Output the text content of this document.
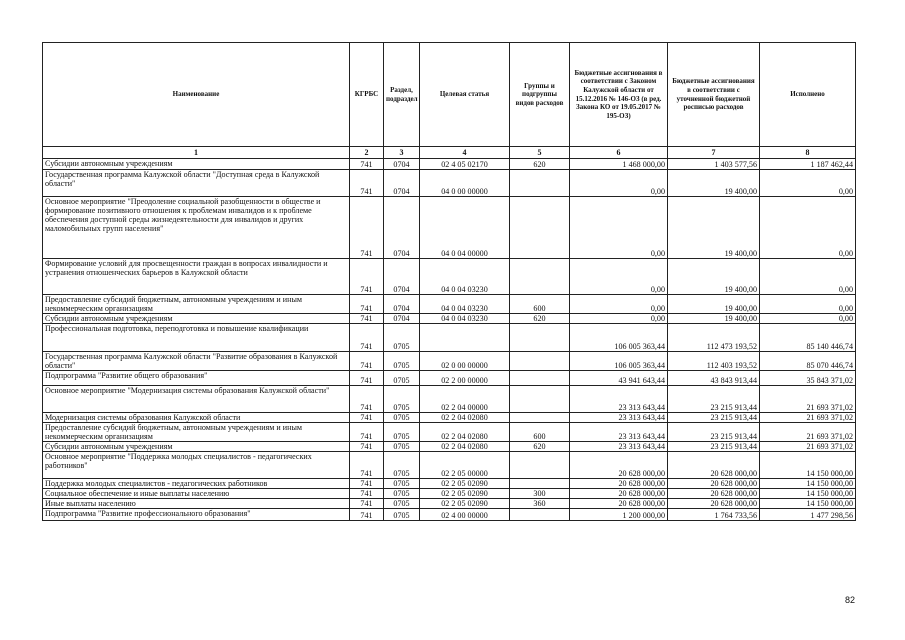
Наименование	КГРБС	Раздел, подраздел	Целевая статья	Группы и подгруппы видов расходов	Бюджетные ассигнования в соответствии с Законом Калужской области от 15.12.2016 № 146-ОЗ (в ред. Закона КО от 19.05.2017 № 195-ОЗ)	Бюджетные ассигнования в соответствии с уточненной бюджетной росписью расходов	Исполнено
1	2	3	4	5	6	7	8
Субсидии автономным учреждениям	741	0704	02 4 05 02170	620	1 468 000,00	1 403 577,56	1 187 462,44
Государственная программа Калужской области "Доступная среда в Калужской области"	741	0704	04 0 00 00000		0,00	19 400,00	0,00
Основное мероприятие "Преодоление социальной разобщенности в обществе и формирование позитивного отношения к проблемам инвалидов и к проблеме обеспечения доступной среды жизнедеятельности для инвалидов и других маломобильных групп населения"	741	0704	04 0 04 00000		0,00	19 400,00	0,00
Формирование условий для просвещенности граждан в вопросах инвалидности и устранения отношенческих барьеров в Калужской области	741	0704	04 0 04 03230		0,00	19 400,00	0,00
Предоставление субсидий бюджетным, автономным учреждениям и иным некоммерческим организациям	741	0704	04 0 04 03230	600	0,00	19 400,00	0,00
Субсидии автономным учреждениям	741	0704	04 0 04 03230	620	0,00	19 400,00	0,00
Профессиональная подготовка, переподготовка и повышение квалификации	741	0705			106 005 363,44	112 473 193,52	85 140 446,74
Государственная программа Калужской области "Развитие образования в Калужской области"	741	0705	02 0 00 00000		106 005 363,44	112 403 193,52	85 070 446,74
Подпрограмма "Развитие общего образования"	741	0705	02 2 00 00000		43 941 643,44	43 843 913,44	35 843 371,02
Основное мероприятие "Модернизация системы образования Калужской области"	741	0705	02 2 04 00000		23 313 643,44	23 215 913,44	21 693 371,02
Модернизация системы образования Калужской области	741	0705	02 2 04 02080		23 313 643,44	23 215 913,44	21 693 371,02
Предоставление субсидий бюджетным, автономным учреждениям и иным некоммерческим организациям	741	0705	02 2 04 02080	600	23 313 643,44	23 215 913,44	21 693 371,02
Субсидии автономным учреждениям	741	0705	02 2 04 02080	620	23 313 643,44	23 215 913,44	21 693 371,02
Основное мероприятие "Поддержка молодых специалистов - педагогических работников"	741	0705	02 2 05 00000		20 628 000,00	20 628 000,00	14 150 000,00
Поддержка молодых специалистов - педагогических работников	741	0705	02 2 05 02090		20 628 000,00	20 628 000,00	14 150 000,00
Социальное обеспечение и иные выплаты населению	741	0705	02 2 05 02090	300	20 628 000,00	20 628 000,00	14 150 000,00
Иные выплаты населению	741	0705	02 2 05 02090	360	20 628 000,00	20 628 000,00	14 150 000,00
Подпрограмма "Развитие профессионального образования"	741	0705	02 4 00 00000		1 200 000,00	1 764 733,56	1 477 298,56
82
